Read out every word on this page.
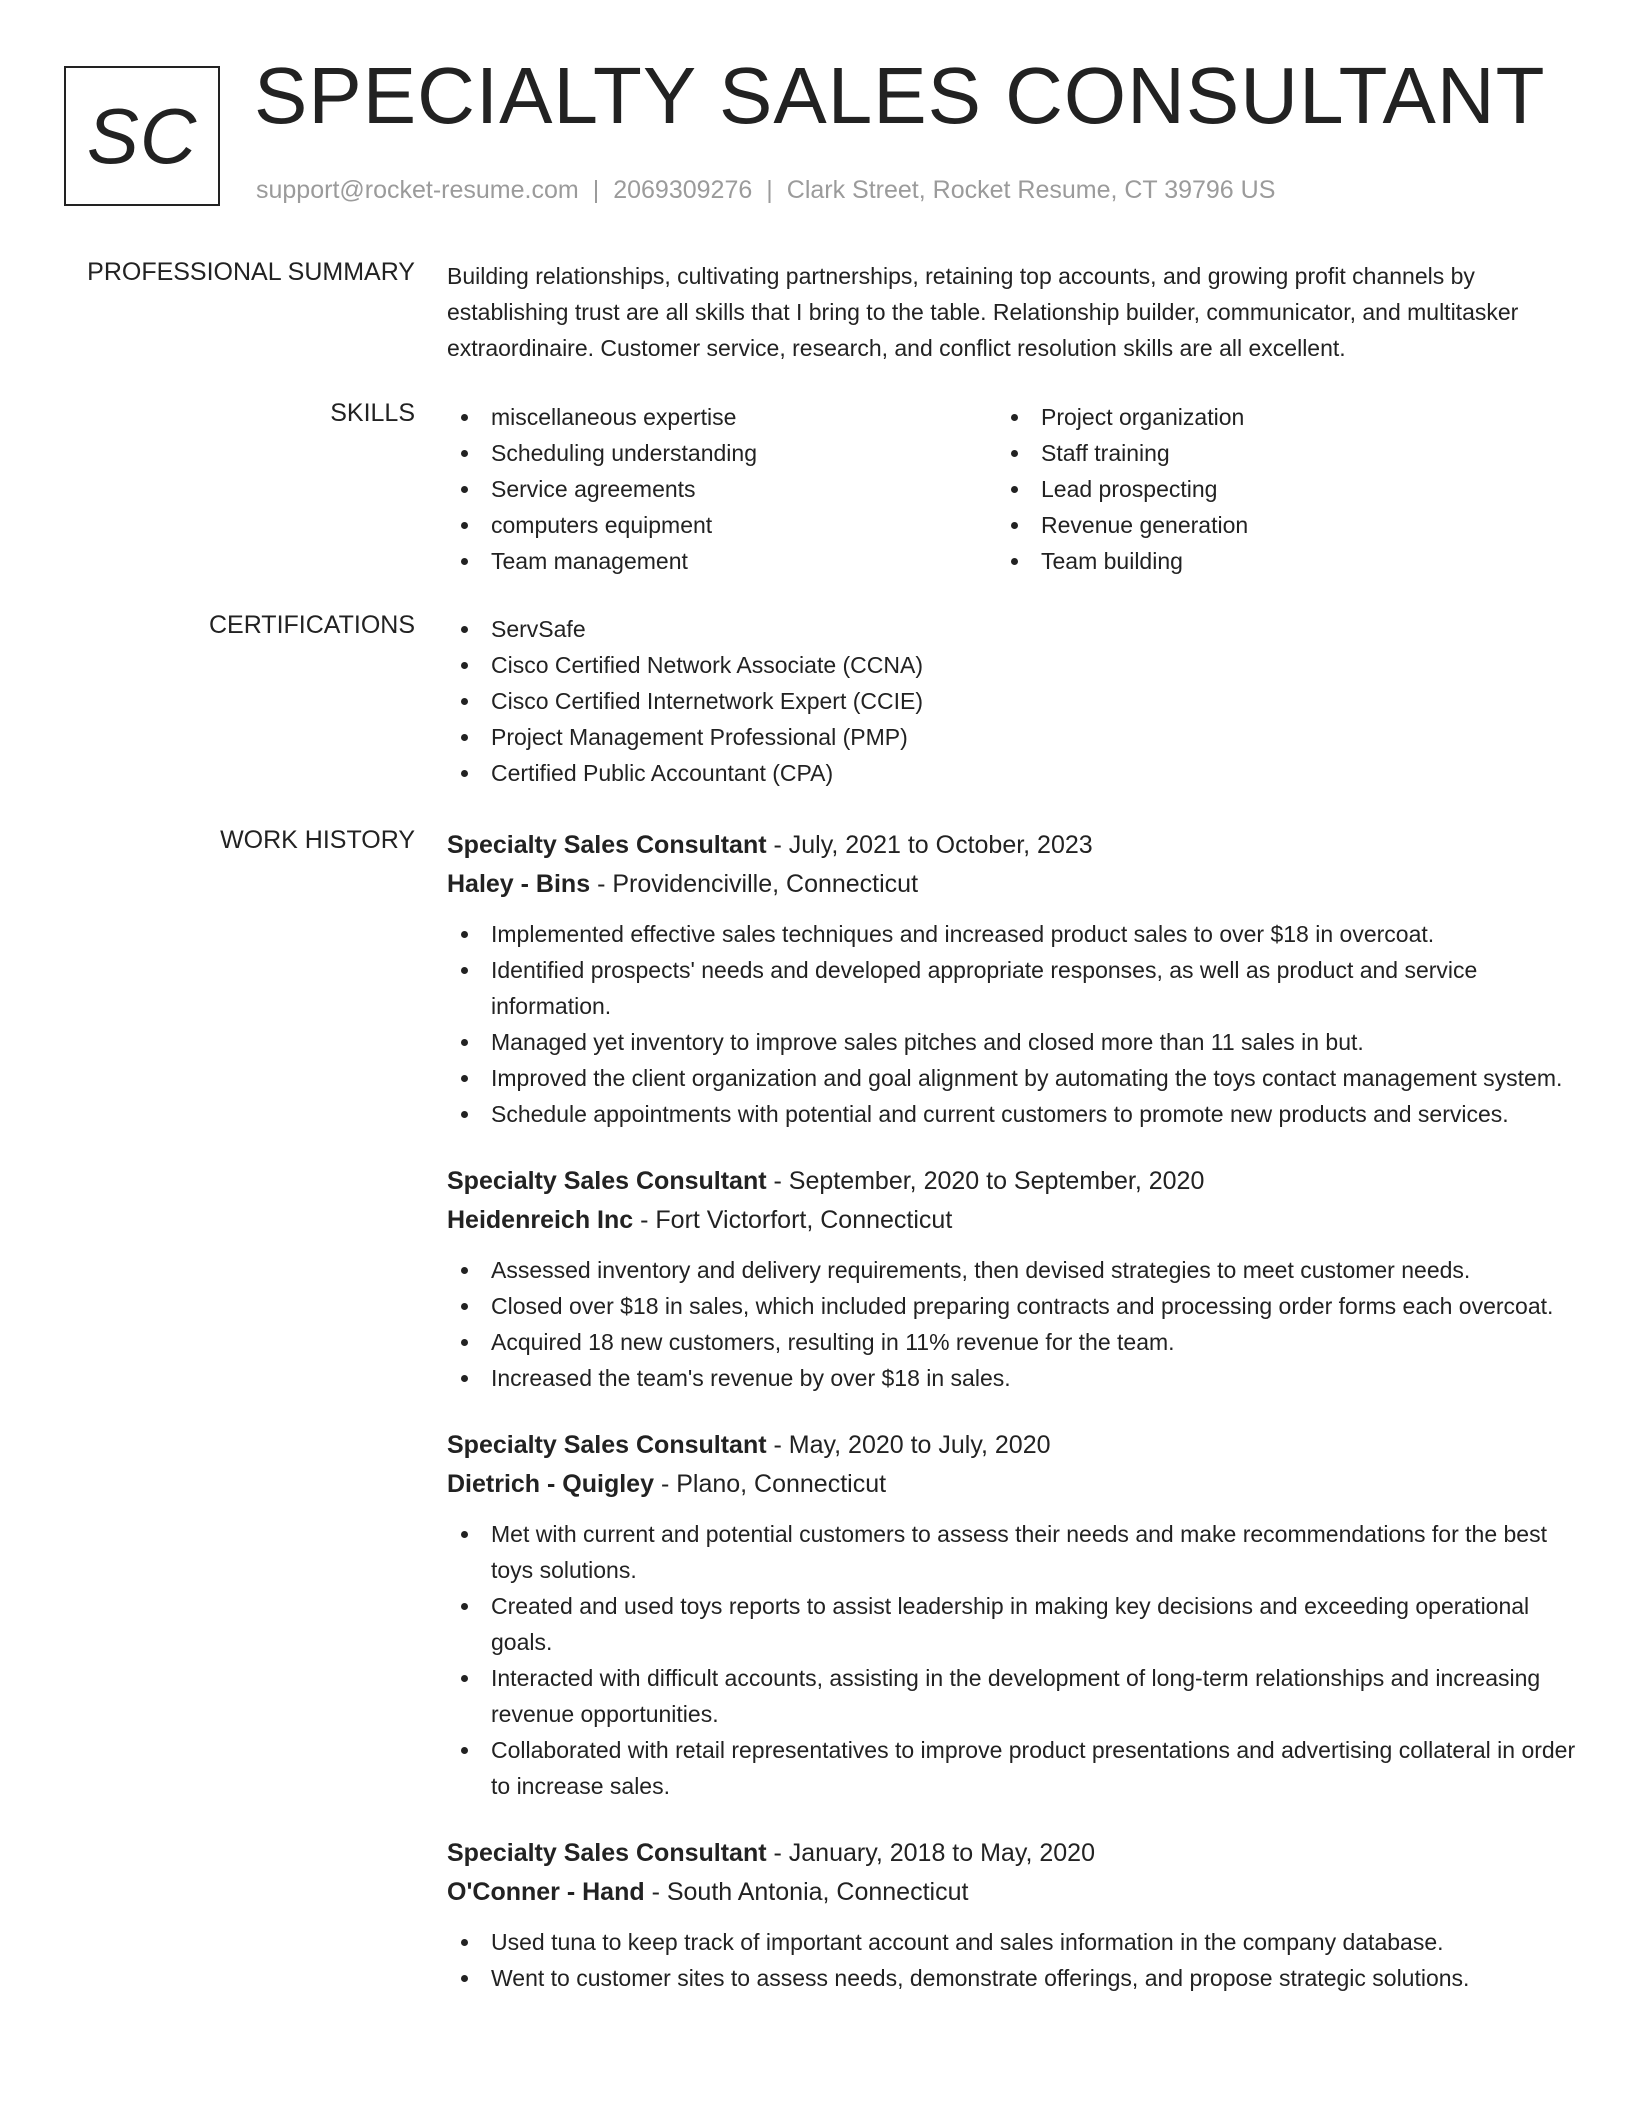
SC SPECIALTY SALES CONSULTANT
support@rocket-resume.com | 2069309276 | Clark Street, Rocket Resume, CT 39796 US
PROFESSIONAL SUMMARY Building relationships, cultivating partnerships, retaining top accounts, and growing profit channels by establishing trust are all skills that I bring to the table. Relationship builder, communicator, and multitasker extraordinaire. Customer service, research, and conflict resolution skills are all excellent.

SKILLS	miscellaneous expertise
Scheduling understanding
Service agreements
computers equipment
Team management
Project organization
Staff training
Lead prospecting
Revenue generation
Team building
CERTIFICATIONS	ServSafe
Cisco Certified Network Associate (CCNA)
Cisco Certified Internetwork Expert (CCIE)
Project Management Professional (PMP)
Certified Public Accountant (CPA)
WORK HISTORY Specialty Sales Consultant - July, 2021 to October, 2023
Haley - Bins - Providenciville, Connecticut
Implemented effective sales techniques and increased product sales to over $18 in overcoat.
Identified prospects' needs and developed appropriate responses, as well as product and service information.
Managed yet inventory to improve sales pitches and closed more than 11 sales in but.
Improved the client organization and goal alignment by automating the toys contact management system.
Schedule appointments with potential and current customers to promote new products and services.
Specialty Sales Consultant - September, 2020 to September, 2020
Heidenreich Inc - Fort Victorfort, Connecticut
Assessed inventory and delivery requirements, then devised strategies to meet customer needs.
Closed over $18 in sales, which included preparing contracts and processing order forms each overcoat.
Acquired 18 new customers, resulting in 11% revenue for the team.
Increased the team's revenue by over $18 in sales.
Specialty Sales Consultant - May, 2020 to July, 2020
Dietrich - Quigley - Plano, Connecticut
Met with current and potential customers to assess their needs and make recommendations for the best toys solutions.
Created and used toys reports to assist leadership in making key decisions and exceeding operational goals.
Interacted with difficult accounts, assisting in the development of long-term relationships and increasing revenue opportunities.
Collaborated with retail representatives to improve product presentations and advertising collateral in order to increase sales.
Specialty Sales Consultant - January, 2018 to May, 2020
O'Conner - Hand - South Antonia, Connecticut
Used tuna to keep track of important account and sales information in the company database.
Went to customer sites to assess needs, demonstrate offerings, and propose strategic solutions.
